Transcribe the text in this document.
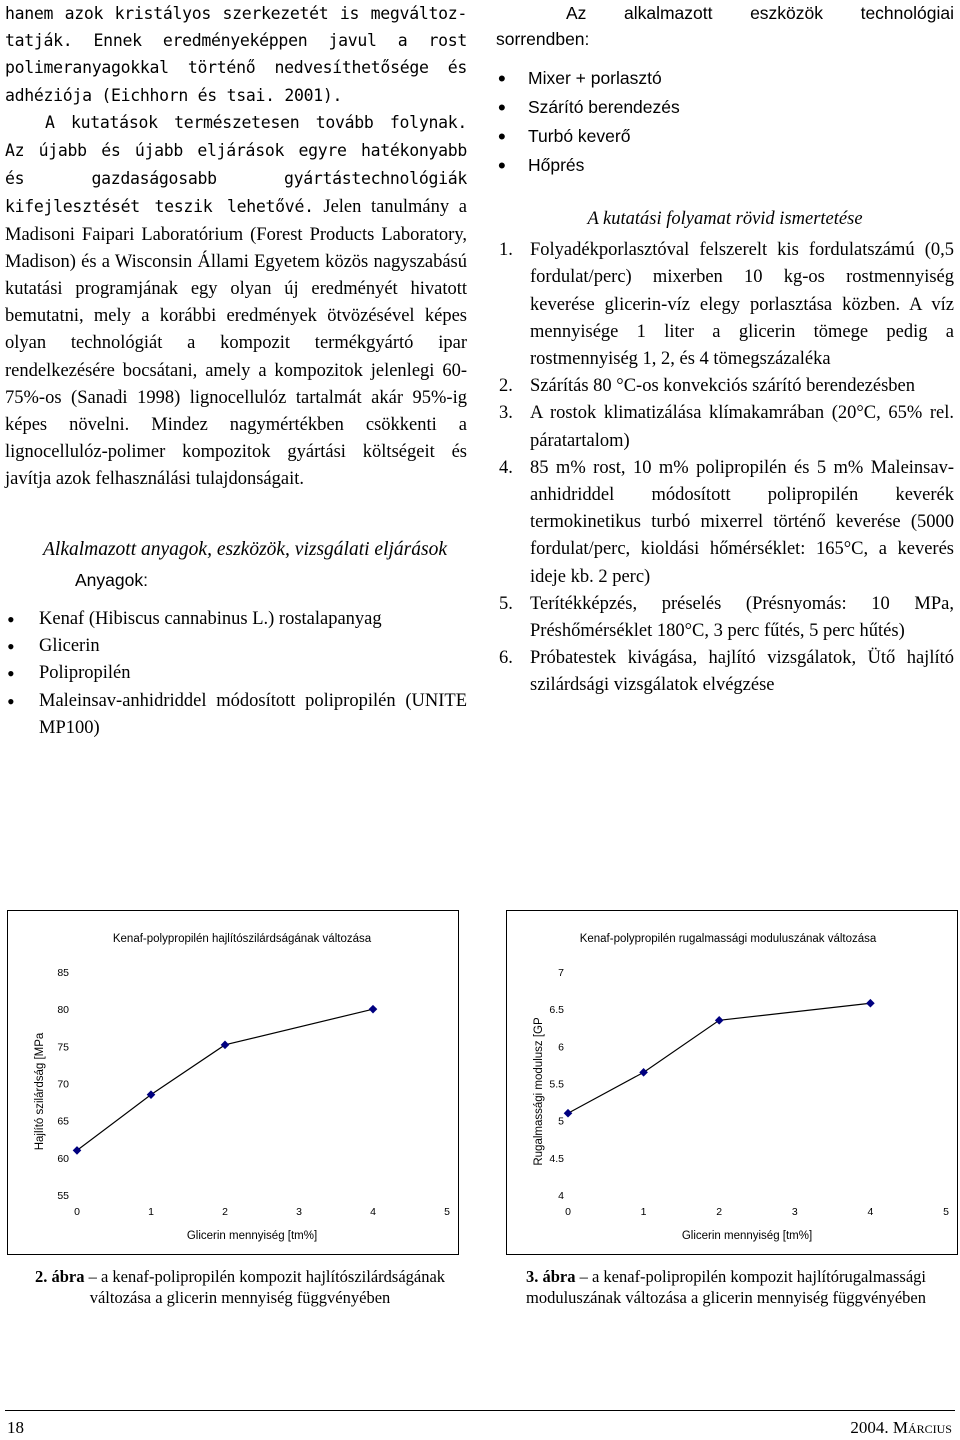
hanem azok kristályos szerkezetét is megváltoz-
tatják. Ennek eredményeképpen javul a rost
polimeranyagokkal történő nedvesíthetősége és
adhéziója (Eichhorn és tsai. 2001).

A kutatások természetesen tovább folynak. Az újabb és újabb eljárások egyre hatékonyabb és gazdaságosabb gyártástechnológiák kifejlesztését teszik lehetővé. Jelen tanulmány a Madisoni Faipari Laboratórium (Forest Products Laboratory, Madison) és a Wisconsin Állami Egyetem közös nagyszabású kutatási programjának egy olyan új eredményét hivatott bemutatni, mely a korábbi eredmények ötvözésével képes olyan technológiát a kompozit termékgyártó ipar rendelkezésére bocsátani, amely a kompozitok jelenlegi 60-75%-os (Sanadi 1998) lignocellulóz tartalmát akár 95%-ig képes növelni. Mindez nagymértékben csökkenti a lignocellulóz-polimer kompozitok gyártási költségeit és javítja azok felhasználási tulajdonságait.

Alkalmazott anyagok, eszközök, vizsgálati eljárások

Anyagok:

• Kenaf (Hibiscus cannabinus L.) rostalapanyag
• Glicerin
• Polipropilén
• Maleinsav-anhidriddel módosított polipropilén (UNITE MP100)

Az alkalmazott eszközök technológiai sorrendben:

• Mixer + porlasztó
• Szárító berendezés
• Turbó keverő
• Hőprés

A kutatási folyamat rövid ismertetése

1. Folyadékporlasztóval felszerelt kis fordulatszámú (0,5 fordulat/perc) mixerben 10 kg-os rostmennyiség keverése glicerin-víz elegy porlasztása közben. A víz mennyisége 1 liter a glicerin tömege pedig a rostmennyiség 1, 2, és 4 tömegszázaléka
2. Szárítás 80 °C-os konvekciós szárító berendezésben
3. A rostok klimatizálása klímakamrában (20°C, 65% rel. páratartalom)
4. 85 m% rost, 10 m% polipropilén és 5 m% Maleinsav-anhidriddel módosított polipropilén keverék termokinetikus turbó mixerrel történő keverése (5000 fordulat/perc, kioldási hőmérséklet: 165°C, a keverés ideje kb. 2 perc)
5. Terítékképzés, préselés (Présnyomás: 10 MPa, Préshőmérséklet 180°C, 3 perc fűtés, 5 perc hűtés)
6. Próbatestek kivágása, hajlító vizsgálatok, Ütő hajlító szilárdsági vizsgálatok elvégzése
Kenaf-polypropilén hajlítószilárdságának változása
55
60
65
70
75
80
85
0	1	2	3	4	5
Glicerin mennyiség [tm%]
Hajlító szilárdság [MPa
Kenaf-polypropilén rugalmassági moduluszának változása
4
4.5
5
5.5
6
6.5
7
0	1	2	3	4	5
Glicerin mennyiség [tm%]
Rugalmassági modulusz [GP
2. ábra – a kenaf-polipropilén kompozit hajlítószilárdságának változása a glicerin mennyiség függvényében
3. ábra – a kenaf-polipropilén kompozit hajlítórugalmassági moduluszának változása a glicerin mennyiség függvényében
18	2004. Március
